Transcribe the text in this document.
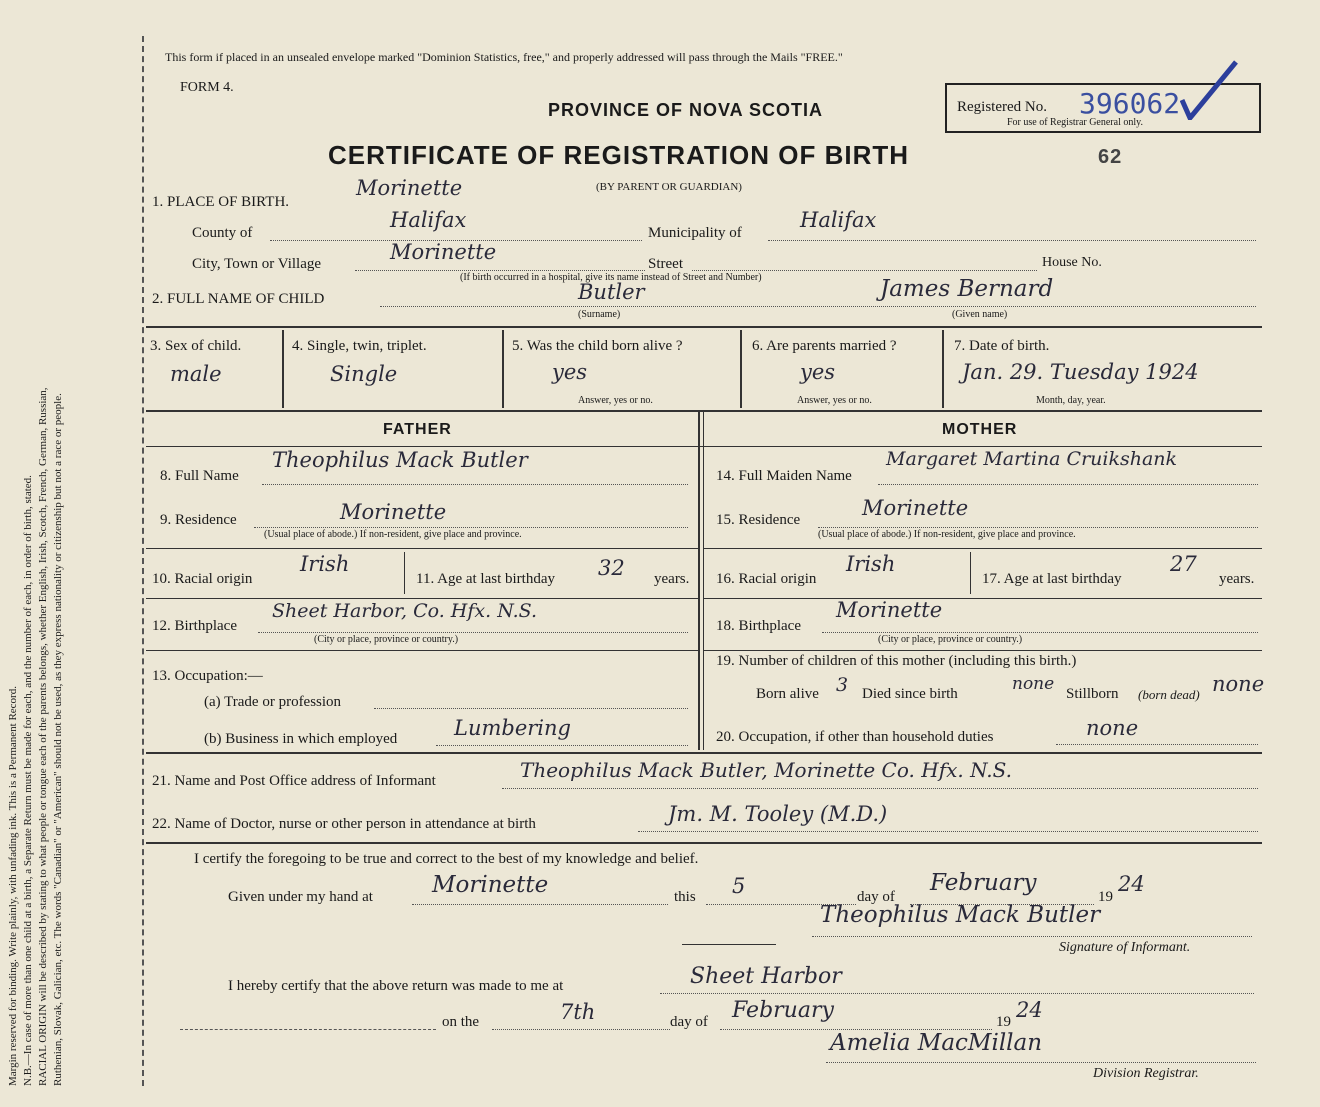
Margin reserved for binding. Write plainly, with unfading ink. This is a Permanent Record. N.B.—In case of more than one child at a birth, a Separate Return must be made for each, and the number of each, in order of birth, stated. RACIAL ORIGIN will be described by stating to what people or tongue each of the parents belongs, whether English, Irish, Scotch, French, German, Russian, Ruthenian, Slovak, Galician, etc. The words "Canadian" or "American" should not be used, as they express nationality or citizenship but not a race or people.
This form if placed in an unsealed envelope marked "Dominion Statistics, free," and properly addressed will pass through the Mails "FREE."
FORM 4.
PROVINCE OF NOVA SCOTIA
CERTIFICATE OF REGISTRATION OF BIRTH	62
(BY PARENT OR GUARDIAN)
Registered No. 396062
For use of Registrar General only.
1. PLACE OF BIRTH.
Morinette
County of
Halifax
Municipality of
Halifax
City, Town or Village	Morinette	Street	House No.
(If birth occurred in a hospital, give its name instead of Street and Number)
2. FULL NAME OF CHILD	Butler	James Bernard
(Surname)	(Given name)
3. Sex of child.
male
4. Single, twin, triplet.
Single
5. Was the child born alive ?
yes
Answer, yes or no.
6. Are parents married ?
yes
Answer, yes or no.
7. Date of birth.
Jan. 29. Tuesday 1924
Month, day, year.
FATHER	MOTHER
8. Full Name
Theophilus Mack Butler
9. Residence	Morinette
(Usual place of abode.) If non-resident, give place and province.
10. Racial origin
Irish
11. Age at last birthday 32 years.
12. Birthplace
Sheet Harbor, Co. Hfx. N.S.
(City or place, province or country.)
13. Occupation:—
(a) Trade or profession
(b) Business in which employed	Lumbering
14. Full Maiden Name
Margaret Martina Cruikshank
15. Residence	Morinette
(Usual place of abode.) If non-resident, give place and province.
16. Racial origin
Irish
17. Age at last birthday
27
years.
18. Birthplace
Morinette
(City or place, province or country.)
19. Number of children of this mother (including this birth.)
Born alive 3 Died since birth	none Stillborn (born dead) none
20. Occupation, if other than household duties	none
21. Name and Post Office address of Informant	Theophilus Mack Butler, Morinette Co. Hfx. N.S.
22. Name of Doctor, nurse or other person in attendance at birth	Jm. M. Tooley (M.D.)
I certify the foregoing to be true and correct to the best of my knowledge and belief.
Given under my hand at	Morinette	this 5	day of
February
19
24
Theophilus Mack Butler
Signature of Informant.
I hereby certify that the above return was made to me at	Sheet Harbor
on the	7th	day of February	19 24
Amelia MacMillan
Division Registrar.
